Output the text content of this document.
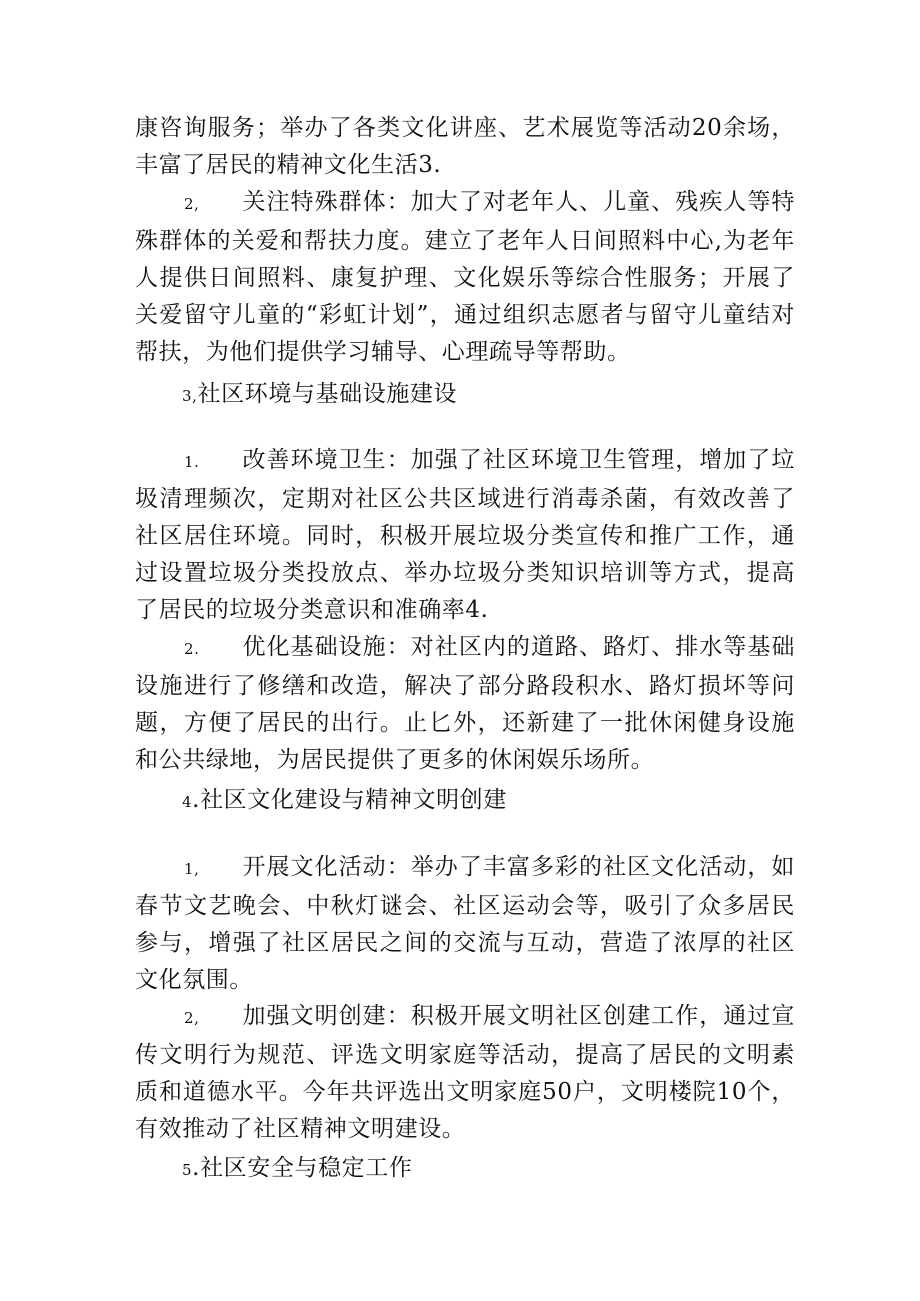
康咨询服务；举办了各类文化讲座、艺术展览等活动20余场，丰富了居民的精神文化生活3.

2, 关注特殊群体：加大了对老年人、儿童、残疾人等特殊群体的关爱和帮扶力度。建立了老年人日间照料中心,为老年人提供日间照料、康复护理、文化娱乐等综合性服务；开展了关爱留守儿童的“彩虹计划”，通过组织志愿者与留守儿童结对帮扶，为他们提供学习辅导、心理疏导等帮助。

3,社区环境与基础设施建设

1. 改善环境卫生：加强了社区环境卫生管理，增加了垃圾清理频次，定期对社区公共区域进行消毒杀菌，有效改善了社区居住环境。同时，积极开展垃圾分类宣传和推广工作，通过设置垃圾分类投放点、举办垃圾分类知识培训等方式，提高了居民的垃圾分类意识和准确率4.

2. 优化基础设施：对社区内的道路、路灯、排水等基础设施进行了修缮和改造，解决了部分路段积水、路灯损坏等问题，方便了居民的出行。止匕外，还新建了一批休闲健身设施和公共绿地，为居民提供了更多的休闲娱乐场所。

4.社区文化建设与精神文明创建

1, 开展文化活动：举办了丰富多彩的社区文化活动，如春节文艺晚会、中秋灯谜会、社区运动会等，吸引了众多居民参与，增强了社区居民之间的交流与互动，营造了浓厚的社区文化氛围。

2, 加强文明创建：积极开展文明社区创建工作，通过宣传文明行为规范、评选文明家庭等活动，提高了居民的文明素质和道德水平。今年共评选出文明家庭50户，文明楼院10个，有效推动了社区精神文明建设。

5.社区安全与稳定工作
